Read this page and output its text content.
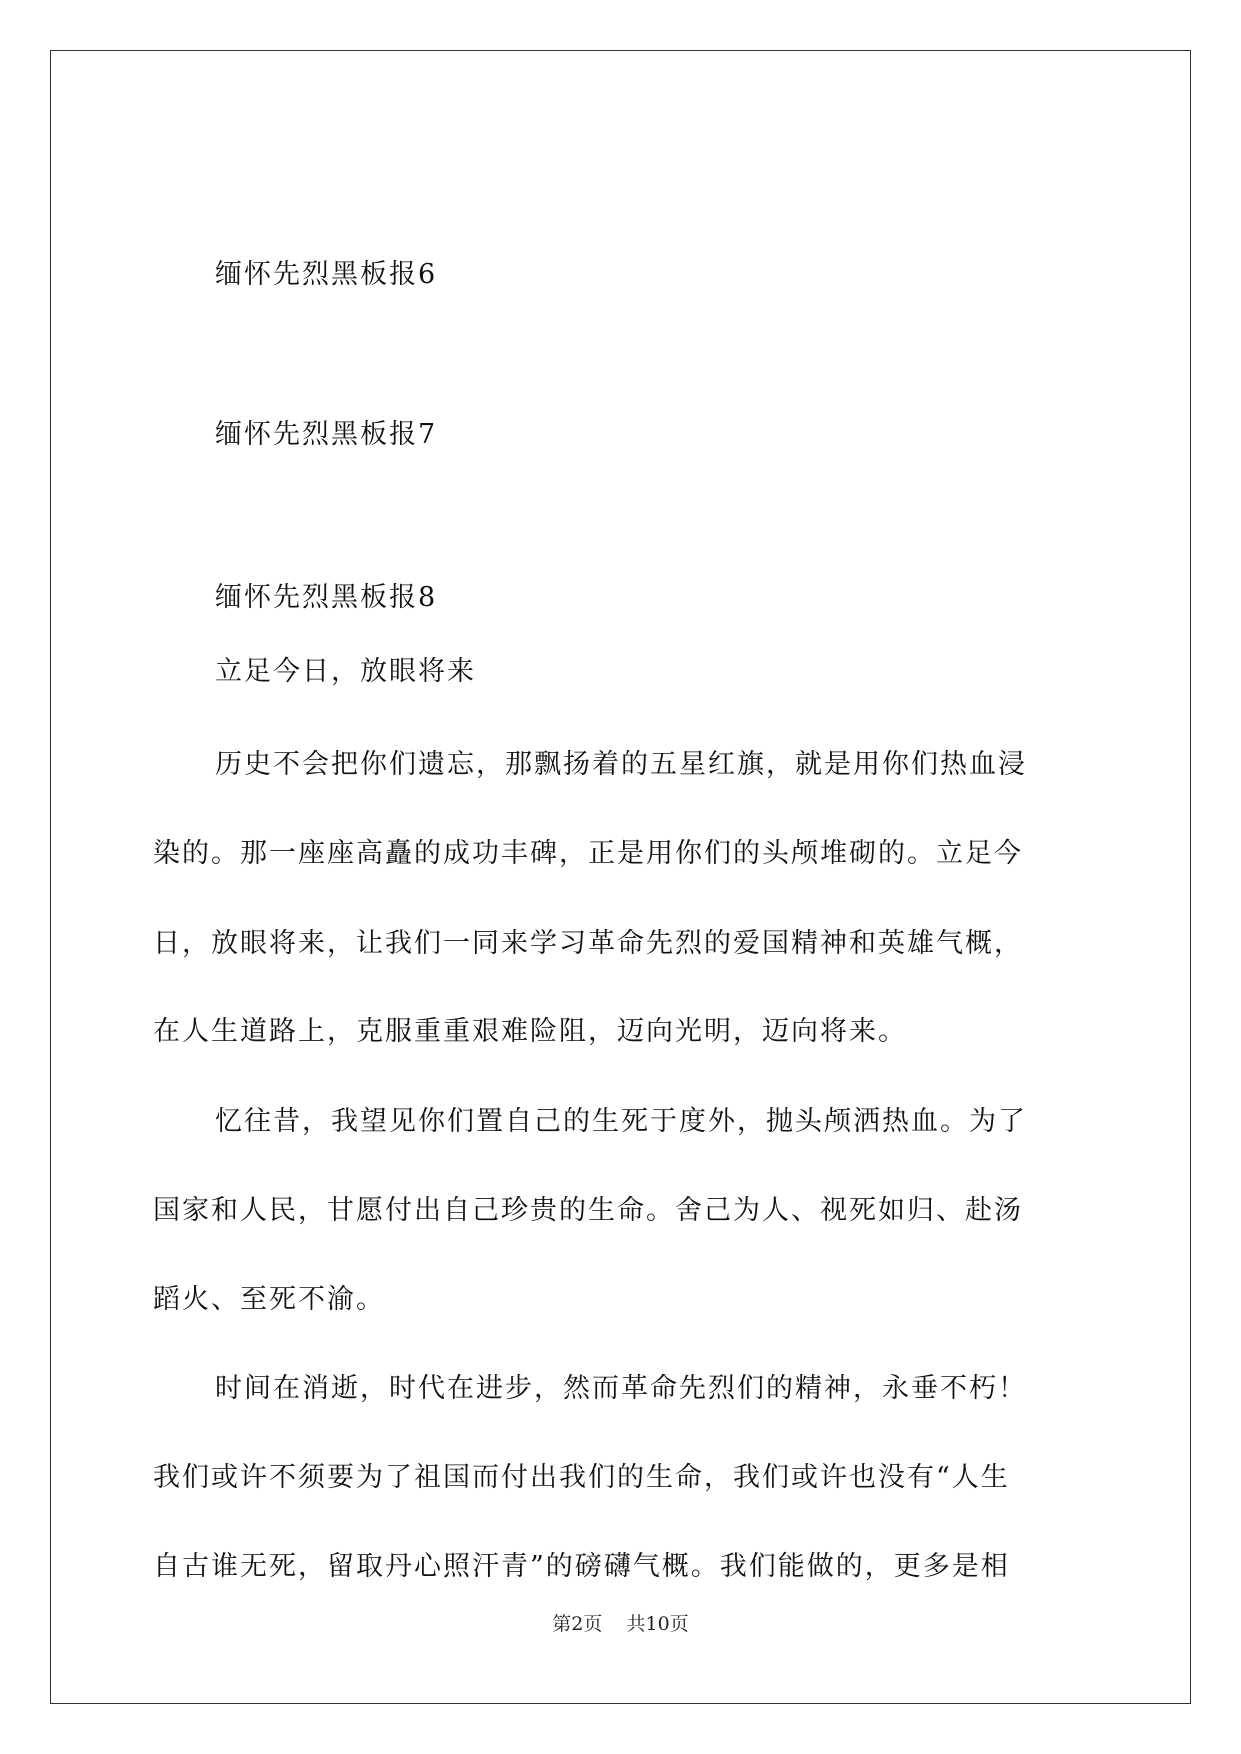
缅怀先烈黑板报6
缅怀先烈黑板报7
缅怀先烈黑板报8
立足今日，放眼将来
历史不会把你们遗忘，那飘扬着的五星红旗，就是用你们热血浸
染的。那一座座高矗的成功丰碑，正是用你们的头颅堆砌的。立足今
日，放眼将来，让我们一同来学习革命先烈的爱国精神和英雄气概，
在人生道路上，克服重重艰难险阻，迈向光明，迈向将来。
忆往昔，我望见你们置自己的生死于度外，抛头颅洒热血。为了
国家和人民，甘愿付出自己珍贵的生命。舍己为人、视死如归、赴汤
蹈火、至死不渝。
时间在消逝，时代在进步，然而革命先烈们的精神，永垂不朽！
我们或许不须要为了祖国而付出我们的生命，我们或许也没有“人生
自古谁无死，留取丹心照汗青”的磅礴气概。我们能做的，更多是相
第2页 共10页
